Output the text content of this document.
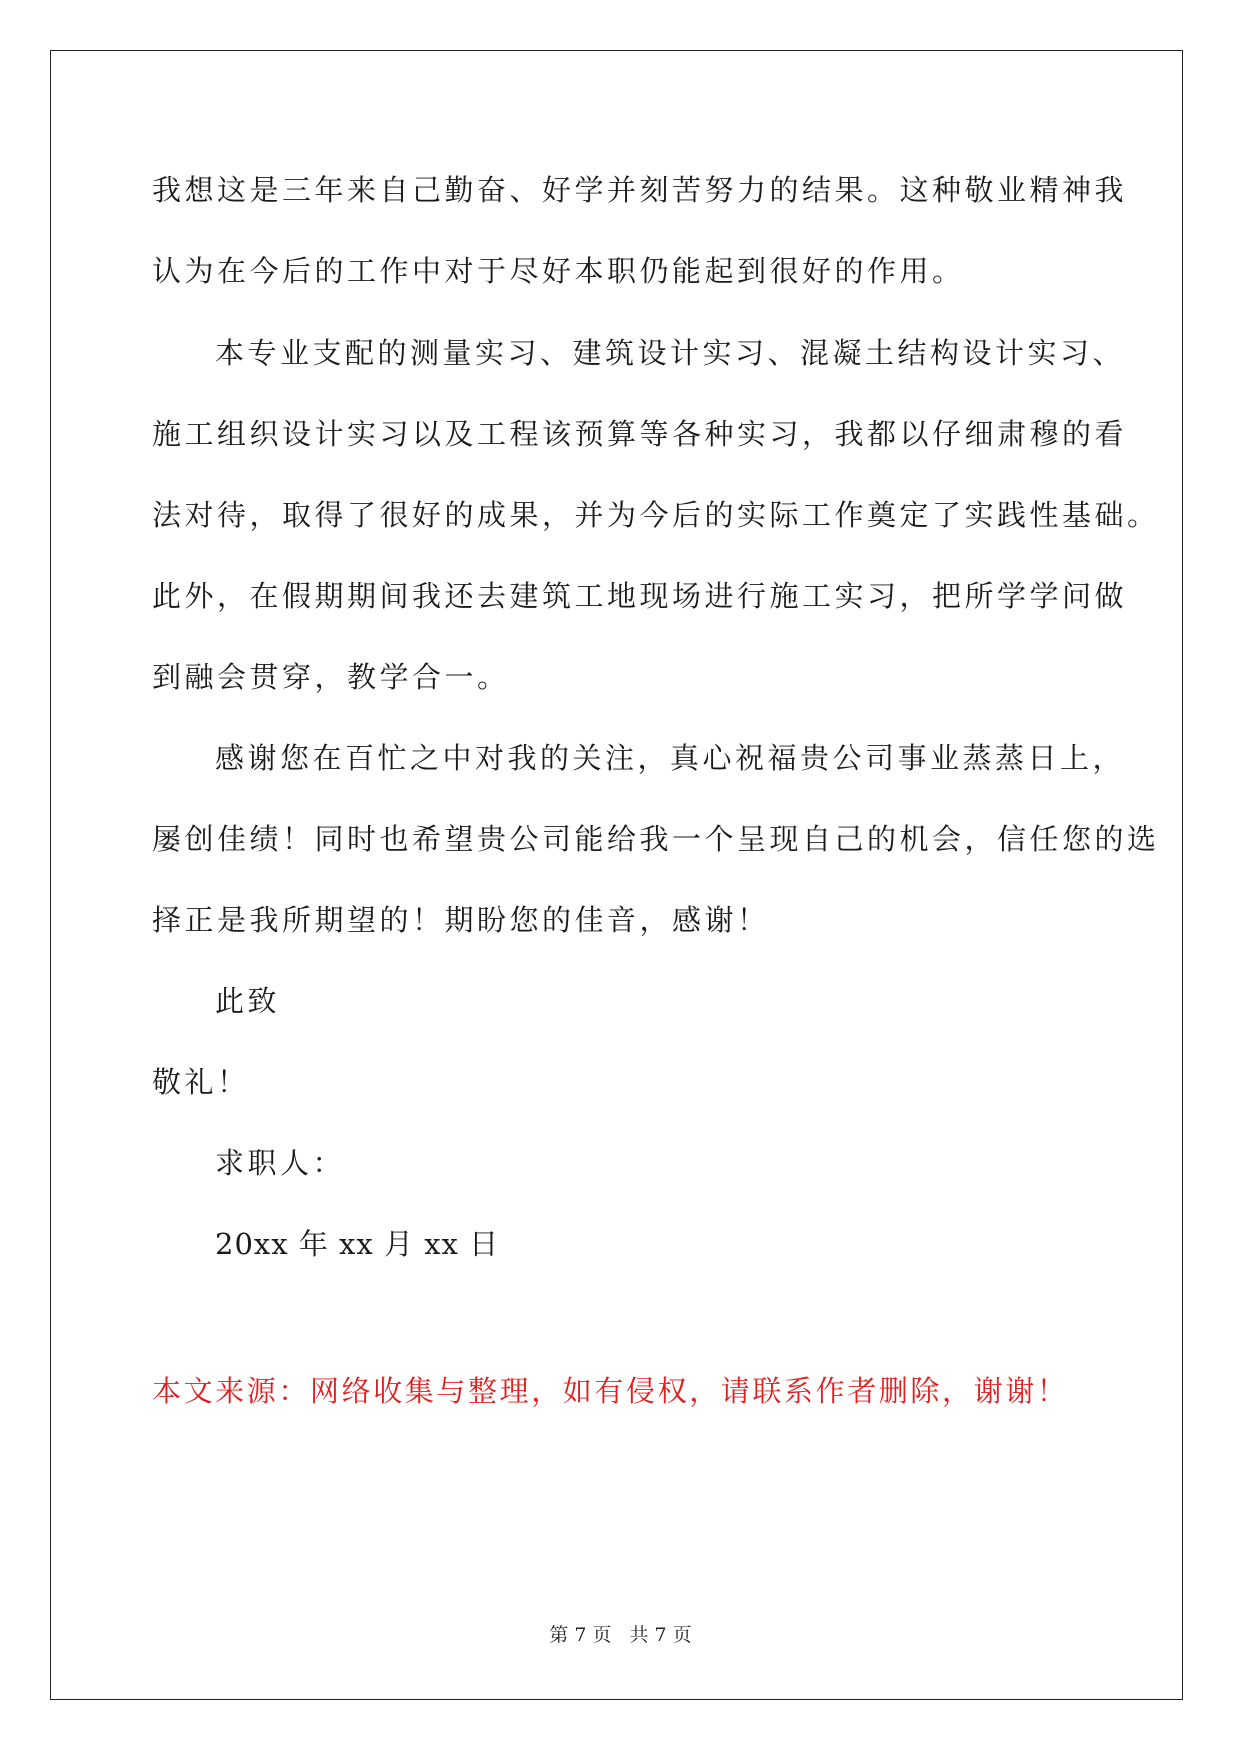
我想这是三年来自己勤奋、好学并刻苦努力的结果。这种敬业精神我
认为在今后的工作中对于尽好本职仍能起到很好的作用。
本专业支配的测量实习、建筑设计实习、混凝土结构设计实习、
施工组织设计实习以及工程该预算等各种实习，我都以仔细肃穆的看
法对待，取得了很好的成果，并为今后的实际工作奠定了实践性基础。
此外，在假期期间我还去建筑工地现场进行施工实习，把所学学问做
到融会贯穿，教学合一。
感谢您在百忙之中对我的关注，真心祝福贵公司事业蒸蒸日上，
屡创佳绩！同时也希望贵公司能给我一个呈现自己的机会，信任您的选
择正是我所期望的！期盼您的佳音，感谢！
此致
敬礼！
求职人：
20xx 年 xx 月 xx 日
本文来源：网络收集与整理，如有侵权，请联系作者删除，谢谢！
第 7 页 共 7 页
